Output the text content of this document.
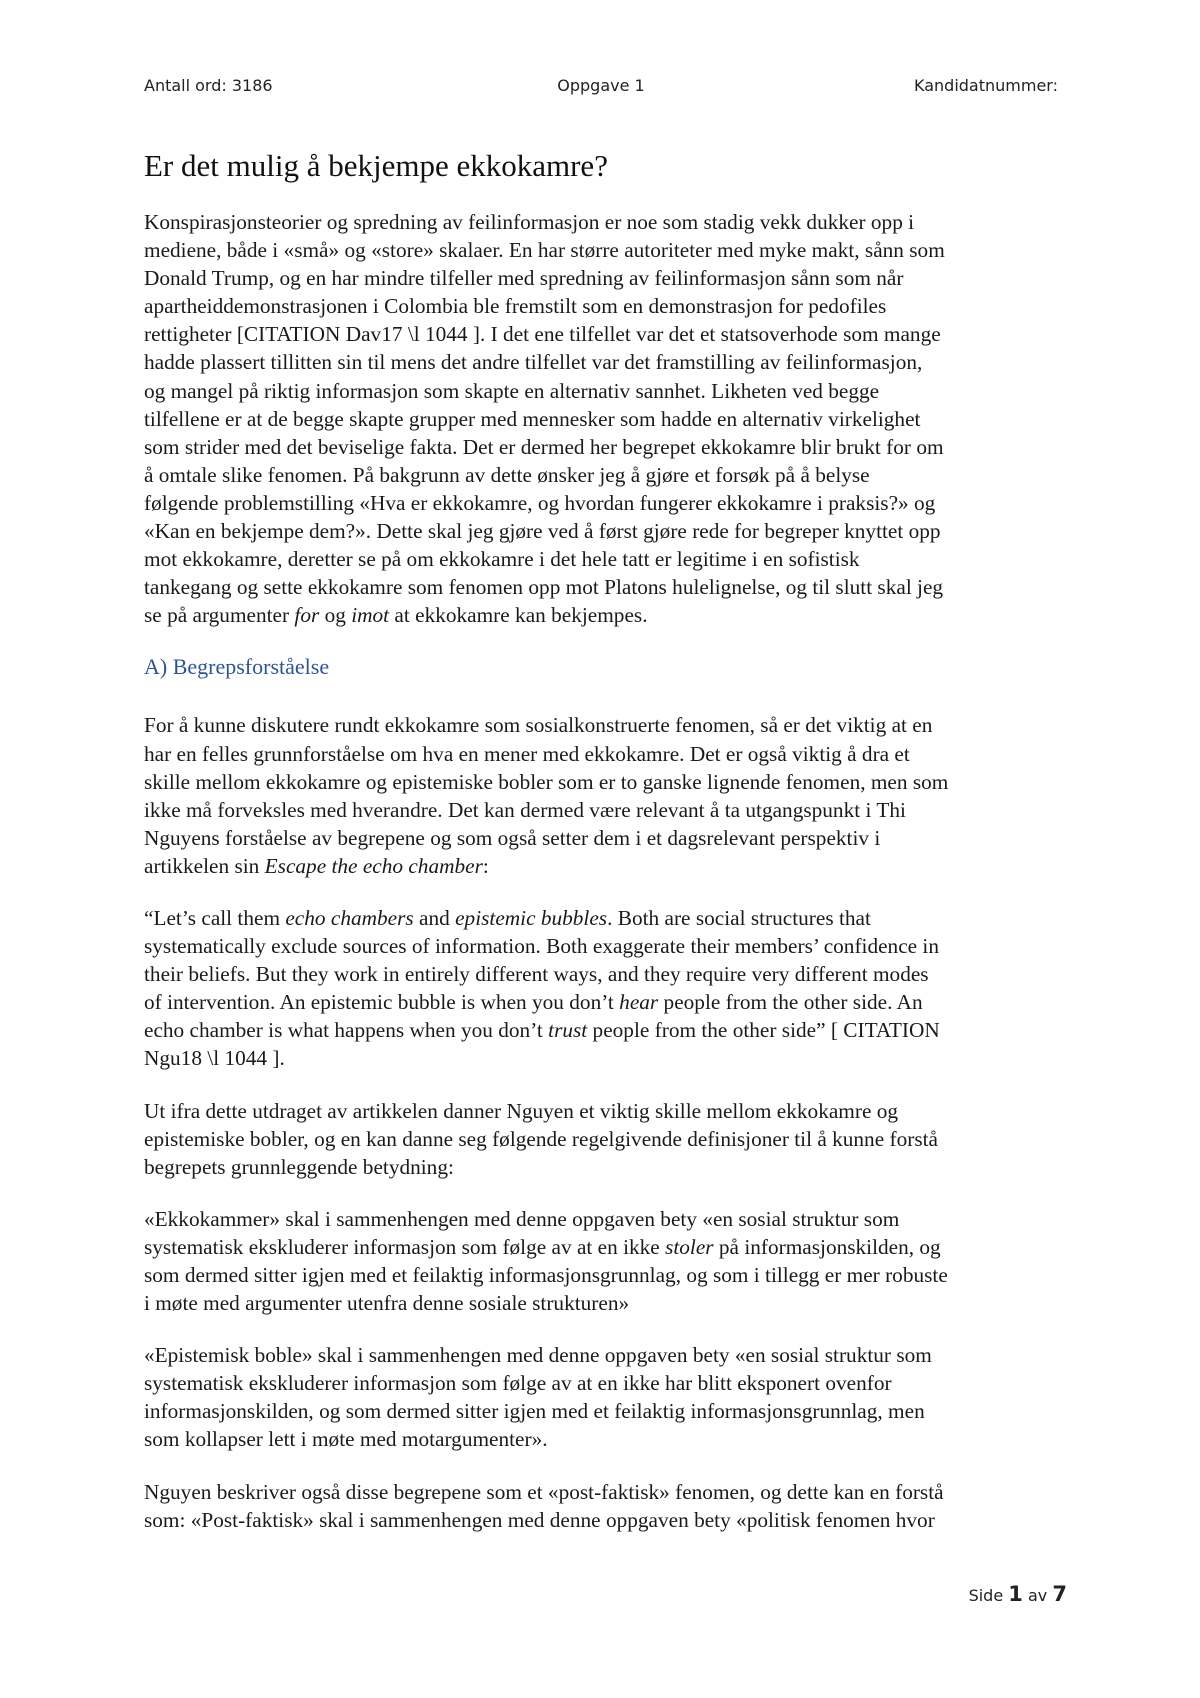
Antall ord: 3186	Oppgave 1	Kandidatnummer:
Er det mulig å bekjempe ekkokamre?

Konspirasjonsteorier og spredning av feilinformasjon er noe som stadig vekk dukker opp i
mediene, både i «små» og «store» skalaer. En har større autoriteter med myke makt, sånn som
Donald Trump, og en har mindre tilfeller med spredning av feilinformasjon sånn som når
apartheiddemonstrasjonen i Colombia ble fremstilt som en demonstrasjon for pedofiles
rettigheter [CITATION Dav17 \l 1044 ]. I det ene tilfellet var det et statsoverhode som mange
hadde plassert tillitten sin til mens det andre tilfellet var det framstilling av feilinformasjon,
og mangel på riktig informasjon som skapte en alternativ sannhet. Likheten ved begge
tilfellene er at de begge skapte grupper med mennesker som hadde en alternativ virkelighet
som strider med det beviselige fakta. Det er dermed her begrepet ekkokamre blir brukt for om
å omtale slike fenomen. På bakgrunn av dette ønsker jeg å gjøre et forsøk på å belyse
følgende problemstilling «Hva er ekkokamre, og hvordan fungerer ekkokamre i praksis?» og
«Kan en bekjempe dem?». Dette skal jeg gjøre ved å først gjøre rede for begreper knyttet opp
mot ekkokamre, deretter se på om ekkokamre i det hele tatt er legitime i en sofistisk
tankegang og sette ekkokamre som fenomen opp mot Platons hulelignelse, og til slutt skal jeg
se på argumenter for og imot at ekkokamre kan bekjempes.

A) Begrepsforståelse

For å kunne diskutere rundt ekkokamre som sosialkonstruerte fenomen, så er det viktig at en
har en felles grunnforståelse om hva en mener med ekkokamre. Det er også viktig å dra et
skille mellom ekkokamre og epistemiske bobler som er to ganske lignende fenomen, men som
ikke må forveksles med hverandre. Det kan dermed være relevant å ta utgangspunkt i Thi
Nguyens forståelse av begrepene og som også setter dem i et dagsrelevant perspektiv i
artikkelen sin Escape the echo chamber:

“Let’s call them echo chambers and epistemic bubbles. Both are social structures that
systematically exclude sources of information. Both exaggerate their members’ confidence in
their beliefs. But they work in entirely different ways, and they require very different modes
of intervention. An epistemic bubble is when you don’t hear people from the other side. An
echo chamber is what happens when you don’t trust people from the other side” [ CITATION
Ngu18 \l 1044 ].

Ut ifra dette utdraget av artikkelen danner Nguyen et viktig skille mellom ekkokamre og
epistemiske bobler, og en kan danne seg følgende regelgivende definisjoner til å kunne forstå
begrepets grunnleggende betydning:

«Ekkokammer» skal i sammenhengen med denne oppgaven bety «en sosial struktur som
systematisk ekskluderer informasjon som følge av at en ikke stoler på informasjonskilden, og
som dermed sitter igjen med et feilaktig informasjonsgrunnlag, og som i tillegg er mer robuste
i møte med argumenter utenfra denne sosiale strukturen»

«Epistemisk boble» skal i sammenhengen med denne oppgaven bety «en sosial struktur som
systematisk ekskluderer informasjon som følge av at en ikke har blitt eksponert ovenfor
informasjonskilden, og som dermed sitter igjen med et feilaktig informasjonsgrunnlag, men
som kollapser lett i møte med motargumenter».

Nguyen beskriver også disse begrepene som et «post-faktisk» fenomen, og dette kan en forstå
som: «Post-faktisk» skal i sammenhengen med denne oppgaven bety «politisk fenomen hvor

Side 1 av 7
